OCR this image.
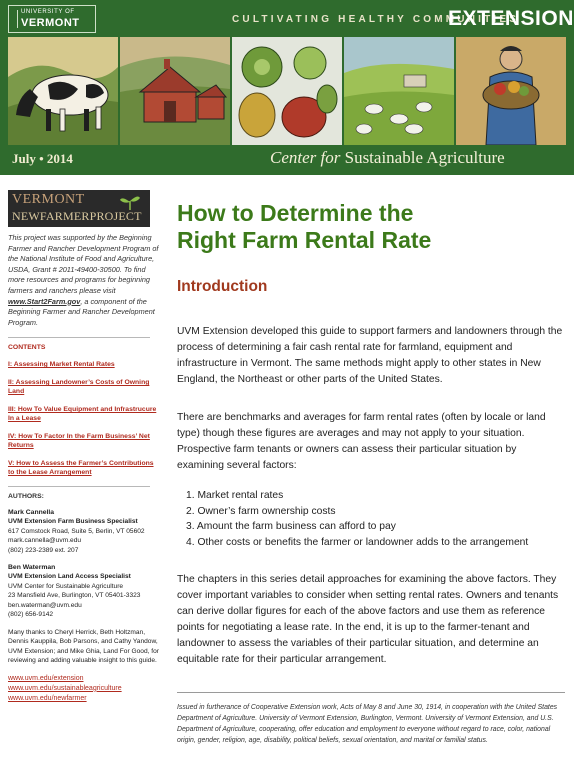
UNIVERSITY OF
VERMONT	CULTIVATING HEALTHY COMMUNITIES
EXTENSION
July • 2014	Center for Sustainable Agriculture
VERMONT
NEWFARMERPROJECT

This project was supported by the Beginning Farmer and Rancher Development Program of the National Institute of Food and Agriculture, USDA, Grant # 2011-49400-30500. To find more resources and programs for beginning farmers and ranchers please visit www.Start2Farm.gov, a component of the Beginning Farmer and Rancher Development Program.

CONTENTS
I: Assessing Market Rental Rates
II: Assessing Landowner’s Costs of Owning Land
III: How To Value Equipment and Infrastrucure In a Lease
IV: How To Factor In the Farm Business’ Net Returns
V: How to Assess the Farmer’s Contributions to the Lease Arrangement
AUTHORS:
Mark Cannella
UVM Extension Farm Business Specialist
617 Comstock Road, Suite 5, Berlin, VT 05602
mark.cannella@uvm.edu
(802) 223-2389 ext. 207
Ben Waterman
UVM Extension Land Access Specialist
UVM Center for Sustainable Agriculture
23 Mansfield Ave, Burlington, VT 05401-3323
ben.waterman@uvm.edu
(802) 656-9142

Many thanks to Cheryl Herrick, Beth Holtzman, Dennis Kauppila, Bob Parsons, and Cathy Yandow, UVM Extension; and Mike Ghia, Land For Good, for reviewing and adding valuable insight to this guide.

www.uvm.edu/extension
www.uvm.edu/sustainableagriculture
www.uvm.edu/newfarmer
How to Determine the Right Farm Rental Rate
Introduction

UVM Extension developed this guide to support farmers and landowners through the process of determining a fair cash rental rate for farmland, equipment and infrastructure in Vermont. The same methods might apply to other states in New England, the Northeast or other parts of the United States.

There are benchmarks and averages for farm rental rates (often by locale or land type) though these figures are averages and may not apply to your situation. Prospective farm tenants or owners can assess their particular situation by examining several factors:

1. Market rental rates
2. Owner’s farm ownership costs
3. Amount the farm business can afford to pay
4. Other costs or benefits the farmer or landowner adds to the arrangement

The chapters in this series detail approaches for examining the above factors. They cover important variables to consider when setting rental rates. Owners and tenants can derive dollar figures for each of the above factors and use them as reference points for negotiating a lease rate. In the end, it is up to the farmer-tenant and landowner to assess the variables of their particular situation, and determine an equitable rate for their particular arrangement.

Issued in furtherance of Cooperative Extension work, Acts of May 8 and June 30, 1914, in cooperation with the United States Department of Agriculture. University of Vermont Extension, Burlington, Vermont. University of Vermont Extension, and U.S. Department of Agriculture, cooperating, offer education and employment to everyone without regard to race, color, national origin, gender, religion, age, disability, political beliefs, sexual orientation, and marital or familial status.
